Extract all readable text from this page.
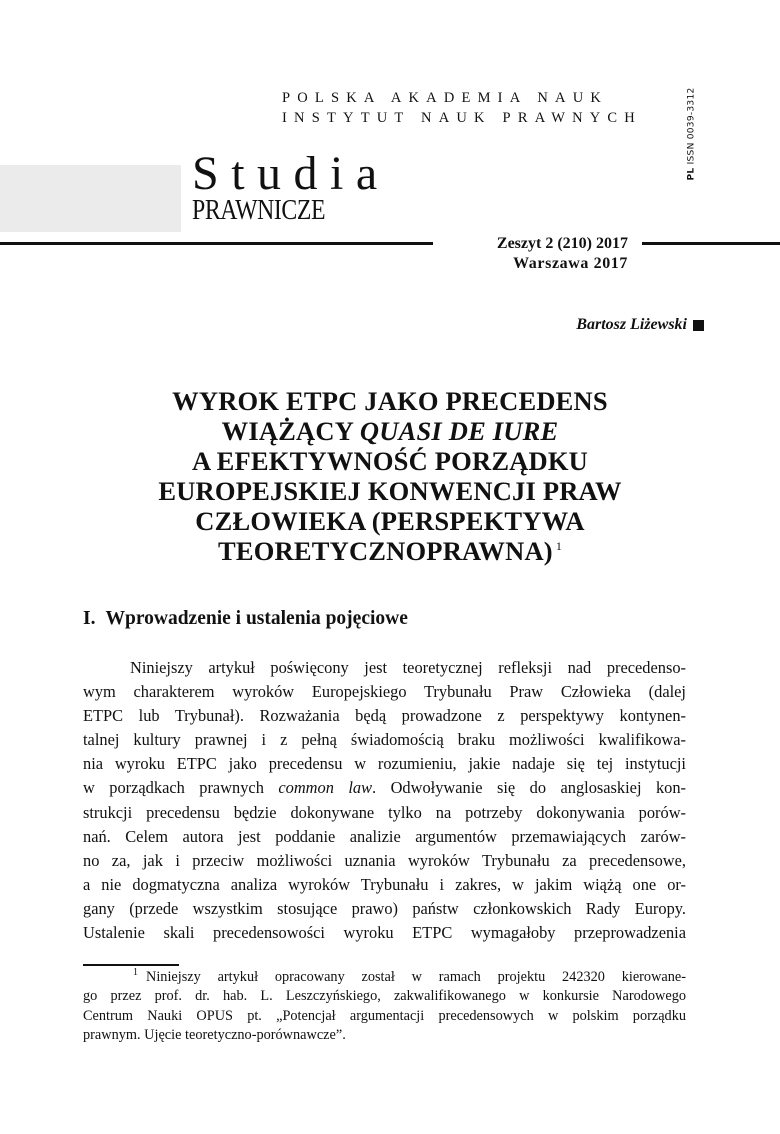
POLSKA AKADEMIA NAUK
INSTYTUT NAUK PRAWNYCH
PL ISSN 0039-3312
Studia
PRAWNICZE
Zeszyt 2 (210) 2017
Warszawa 2017
Bartosz Liżewski
WYROK ETPC JAKO PRECEDENS
WIĄŻĄCY QUASI DE IURE
A EFEKTYWNOŚĆ PORZĄDKU
EUROPEJSKIEJ KONWENCJI PRAW
CZŁOWIEKA (PERSPEKTYWA
TEORETYCZNOPRAWNA) $^1$
I. Wprowadzenie i ustalenia pojęciowe
Niniejszy artykuł poświęcony jest teoretycznej refleksji nad precedenso-
wym charakterem wyroków Europejskiego Trybunału Praw Człowieka (dalej
ETPC lub Trybunał). Rozważania będą prowadzone z perspektywy kontynen-
talnej kultury prawnej i z pełną świadomością braku możliwości kwalifikowa-
nia wyroku ETPC jako precedensu w rozumieniu, jakie nadaje się tej instytucji
w porządkach prawnych common law. Odwoływanie się do anglosaskiej kon-
strukcji precedensu będzie dokonywane tylko na potrzeby dokonywania porów-
nań. Celem autora jest poddanie analizie argumentów przemawiających zarów-
no za, jak i przeciw możliwości uznania wyroków Trybunału za precedensowe,
a nie dogmatyczna analiza wyroków Trybunału i zakres, w jakim wiążą one or-
gany (przede wszystkim stosujące prawo) państw członkowskich Rady Europy.
Ustalenie skali precedensowości wyroku ETPC wymagałoby przeprowadzenia
$^1$ Niniejszy artykuł opracowany został w ramach projektu 242320 kierowane-
go przez prof. dr. hab. L. Leszczyńskiego, zakwalifikowanego w konkursie Narodowego
Centrum Nauki OPUS pt. „Potencjał argumentacji precedensowych w polskim porządku
prawnym. Ujęcie teoretyczno-porównawcze”.
